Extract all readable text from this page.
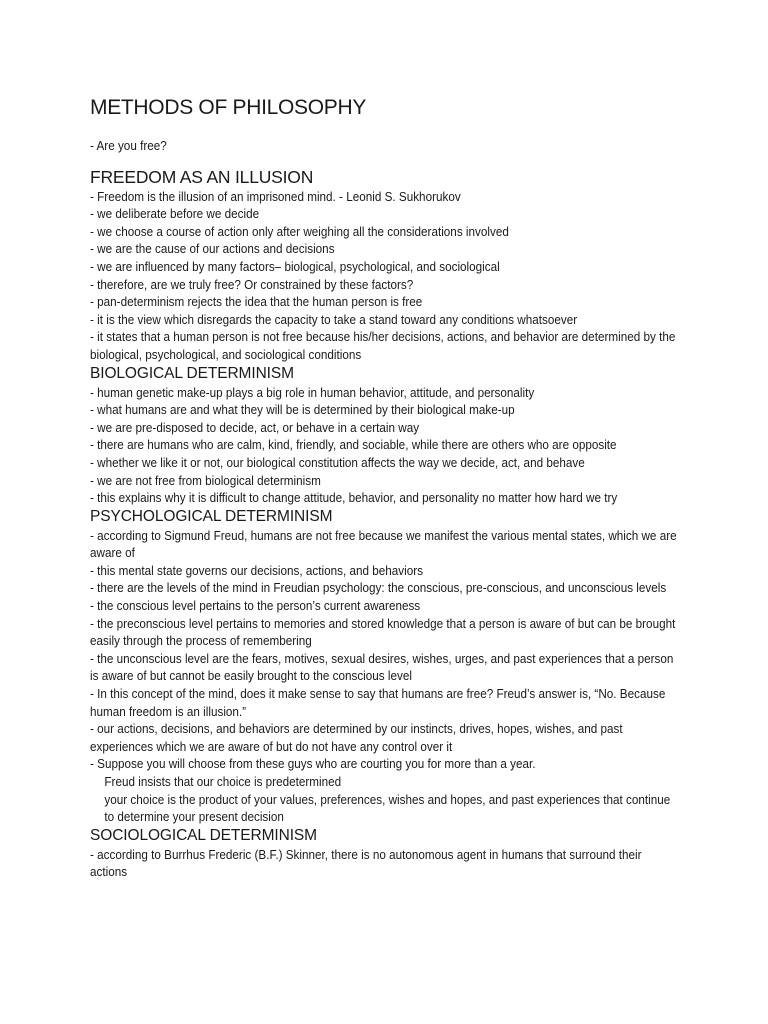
METHODS OF PHILOSOPHY
- Are you free?
FREEDOM AS AN ILLUSION
- Freedom is the illusion of an imprisoned mind. - Leonid S. Sukhorukov
- we deliberate before we decide
- we choose a course of action only after weighing all the considerations involved
- we are the cause of our actions and decisions
- we are influenced by many factors– biological, psychological, and sociological
- therefore, are we truly free? Or constrained by these factors?
- pan-determinism rejects the idea that the human person is free
- it is the view which disregards the capacity to take a stand toward any conditions whatsoever
- it states that a human person is not free because his/her decisions, actions, and behavior are determined by the biological, psychological, and sociological conditions
BIOLOGICAL DETERMINISM
- human genetic make-up plays a big role in human behavior, attitude, and personality
- what humans are and what they will be is determined by their biological make-up
- we are pre-disposed to decide, act, or behave in a certain way
- there are humans who are calm, kind, friendly, and sociable, while there are others who are opposite
- whether we like it or not, our biological constitution affects the way we decide, act, and behave
- we are not free from biological determinism
- this explains why it is difficult to change attitude, behavior, and personality no matter how hard we try
PSYCHOLOGICAL DETERMINISM
- according to Sigmund Freud, humans are not free because we manifest the various mental states, which we are aware of
- this mental state governs our decisions, actions, and behaviors
- there are the levels of the mind in Freudian psychology: the conscious, pre-conscious, and unconscious levels
- the conscious level pertains to the person’s current awareness
- the preconscious level pertains to memories and stored knowledge that a person is aware of but can be brought easily through the process of remembering
- the unconscious level are the fears, motives, sexual desires, wishes, urges, and past experiences that a person is aware of but cannot be easily brought to the conscious level
- In this concept of the mind, does it make sense to say that humans are free? Freud’s answer is, “No. Because human freedom is an illusion.”
- our actions, decisions, and behaviors are determined by our instincts, drives, hopes, wishes, and past experiences which we are aware of but do not have any control over it
- Suppose you will choose from these guys who are courting you for more than a year.
Freud insists that our choice is predetermined
your choice is the product of your values, preferences, wishes and hopes, and past experiences that continue to determine your present decision
SOCIOLOGICAL DETERMINISM
- according to Burrhus Frederic (B.F.) Skinner, there is no autonomous agent in humans that surround their actions
